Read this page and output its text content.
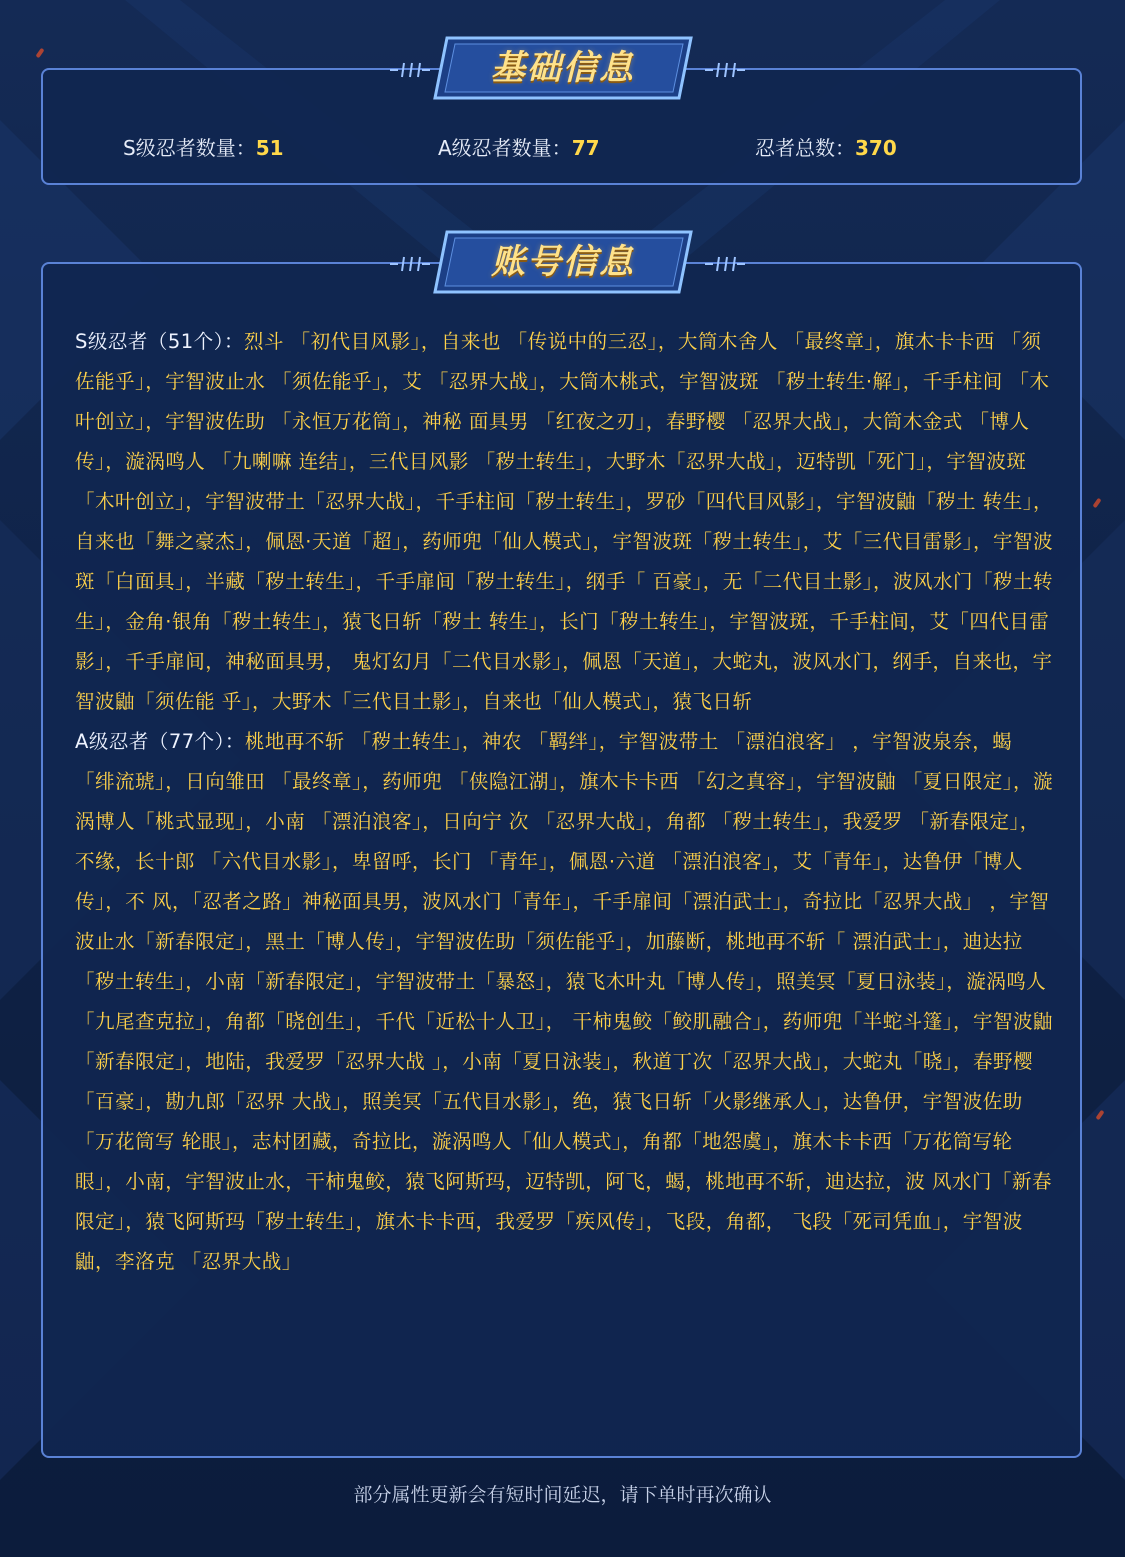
基础信息
S级忍者数量：51	A级忍者数量：77	忍者总数：370
账号信息

S级忍者（51个）：烈斗 「初代目风影」，自来也 「传说中的三忍」，大筒木舍人 「最终章」，旗木卡卡西 「须佐能乎」，宇智波止水 「须佐能乎」，艾 「忍界大战」，大筒木桃式，宇智波斑 「秽土转生·解」，千手柱间 「木叶创立」，宇智波佐助 「永恒万花筒」，神秘 面具男 「红夜之刃」，春野樱 「忍界大战」，大筒木金式 「博人传」，漩涡鸣人 「九喇嘛 连结」，三代目风影 「秽土转生」，大野木「忍界大战」，迈特凯「死门」，宇智波斑「木叶创立」，宇智波带土「忍界大战」，千手柱间「秽土转生」，罗砂「四代目风影」，宇智波鼬「秽土 转生」，自来也「舞之豪杰」，佩恩·天道「超」，药师兜「仙人模式」，宇智波斑「秽土转生」，艾「三代目雷影」，宇智波斑「白面具」，半藏「秽土转生」，千手扉间「秽土转生」，纲手「 百豪」，无「二代目土影」，波风水门「秽土转生」，金角·银角「秽土转生」，猿飞日斩「秽土 转生」，长门「秽土转生」，宇智波斑，千手柱间，艾「四代目雷影」，千手扉间，神秘面具男， 鬼灯幻月「二代目水影」，佩恩「天道」，大蛇丸，波风水门，纲手，自来也，宇智波鼬「须佐能 乎」，大野木「三代目土影」，自来也「仙人模式」，猿飞日斩

A级忍者（77个）：桃地再不斩 「秽土转生」，神农 「羁绊」，宇智波带土 「漂泊浪客」 ，宇智波泉奈，蝎 「绯流琥」，日向雏田 「最终章」，药师兜 「侠隐江湖」，旗木卡卡西 「幻之真容」，宇智波鼬 「夏日限定」，漩涡博人「桃式显现」，小南 「漂泊浪客」，日向宁 次 「忍界大战」，角都 「秽土转生」，我爱罗 「新春限定」，不缘，长十郎 「六代目水影」，卑留呼，长门 「青年」，佩恩·六道 「漂泊浪客」，艾「青年」，达鲁伊「博人传」，不 风，「忍者之路」神秘面具男，波风水门「青年」，千手扉间「漂泊武士」，奇拉比「忍界大战」 ，宇智波止水「新春限定」，黑土「博人传」，宇智波佐助「须佐能乎」，加藤断，桃地再不斩「 漂泊武士」，迪达拉「秽土转生」，小南「新春限定」，宇智波带土「暴怒」，猿飞木叶丸「博人传」，照美冥「夏日泳装」，漩涡鸣人「九尾查克拉」，角都「晓创生」，千代「近松十人卫」， 干柿鬼鲛「鲛肌融合」，药师兜「半蛇斗篷」，宇智波鼬「新春限定」，地陆，我爱罗「忍界大战 」，小南「夏日泳装」，秋道丁次「忍界大战」，大蛇丸「晓」，春野樱「百豪」，勘九郎「忍界 大战」，照美冥「五代目水影」，绝，猿飞日斩「火影继承人」，达鲁伊，宇智波佐助「万花筒写 轮眼」，志村团藏，奇拉比，漩涡鸣人「仙人模式」，角都「地怨虞」，旗木卡卡西「万花筒写轮 眼」，小南，宇智波止水，干柿鬼鲛，猿飞阿斯玛，迈特凯，阿飞，蝎，桃地再不斩，迪达拉，波 风水门「新春限定」，猿飞阿斯玛「秽土转生」，旗木卡卡西，我爱罗「疾风传」，飞段，角都， 飞段「死司凭血」，宇智波鼬，李洛克 「忍界大战」

部分属性更新会有短时间延迟，请下单时再次确认
